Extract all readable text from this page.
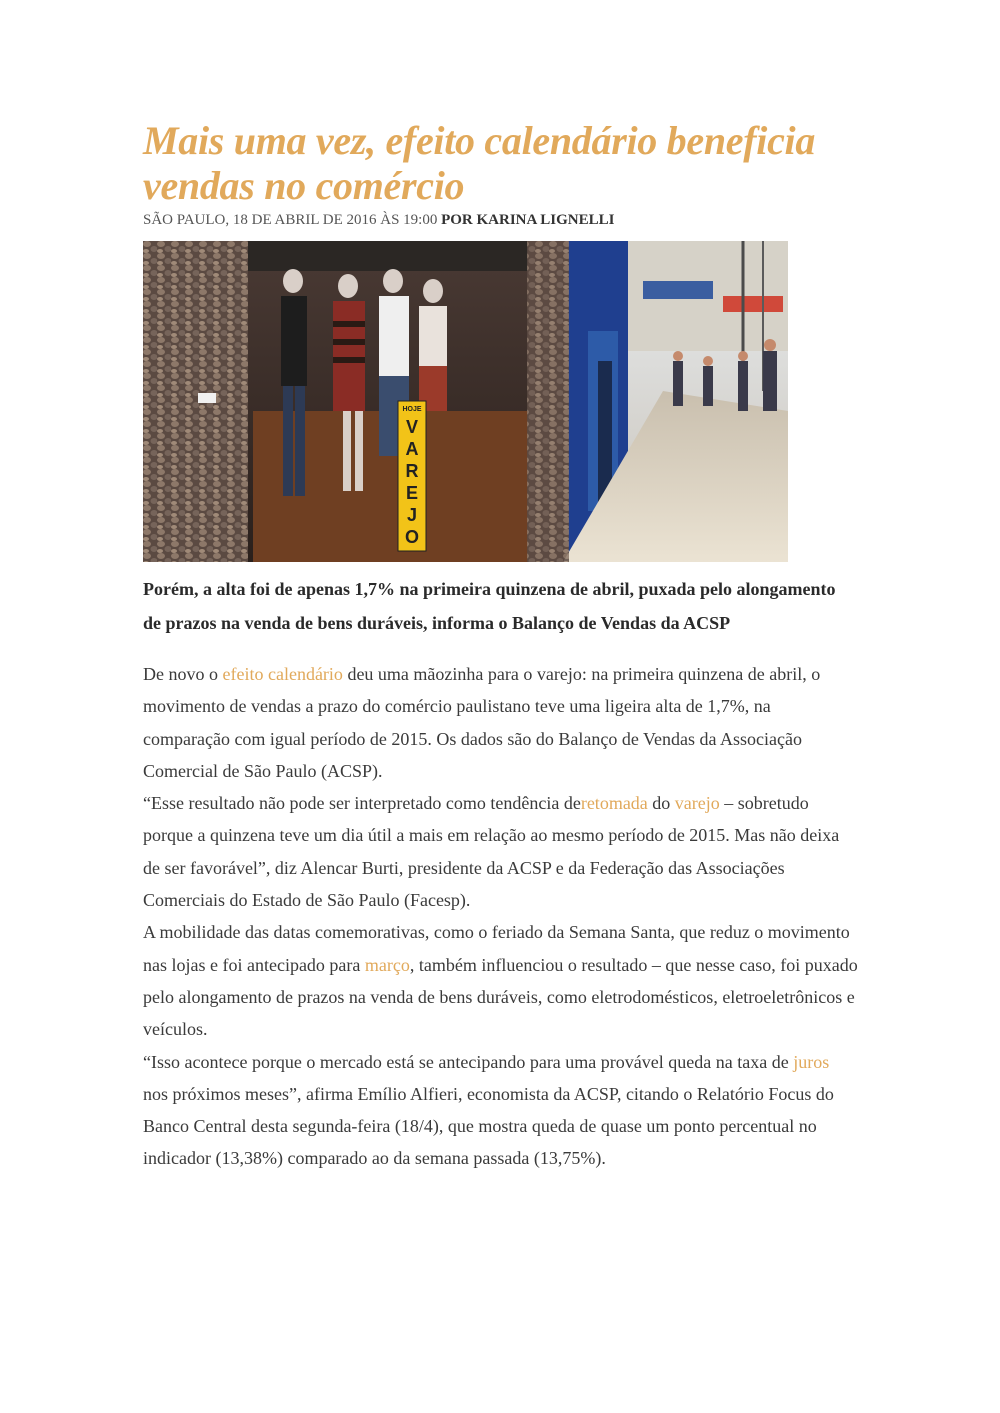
Mais uma vez, efeito calendário beneficia vendas no comércio
SÃO PAULO, 18 DE ABRIL DE 2016 ÀS 19:00 POR KARINA LIGNELLI
HOJE
V
A
R
E
J
O

Porém, a alta foi de apenas 1,7% na primeira quinzena de abril, puxada pelo alongamento de prazos na venda de bens duráveis, informa o Balanço de Vendas da ACSP

De novo o efeito calendário deu uma mãozinha para o varejo: na primeira quinzena de abril, o movimento de vendas a prazo do comércio paulistano teve uma ligeira alta de 1,7%, na comparação com igual período de 2015. Os dados são do Balanço de Vendas da Associação Comercial de São Paulo (ACSP).

“Esse resultado não pode ser interpretado como tendência deretomada do varejo – sobretudo porque a quinzena teve um dia útil a mais em relação ao mesmo período de 2015. Mas não deixa de ser favorável”, diz Alencar Burti, presidente da ACSP e da Federação das Associações Comerciais do Estado de São Paulo (Facesp).

A mobilidade das datas comemorativas, como o feriado da Semana Santa, que reduz o movimento nas lojas e foi antecipado para março, também influenciou o resultado – que nesse caso, foi puxado pelo alongamento de prazos na venda de bens duráveis, como eletrodomésticos, eletroeletrônicos e veículos.

“Isso acontece porque o mercado está se antecipando para uma provável queda na taxa de juros nos próximos meses”, afirma Emílio Alfieri, economista da ACSP, citando o Relatório Focus do Banco Central desta segunda-feira (18/4), que mostra queda de quase um ponto percentual no indicador (13,38%) comparado ao da semana passada (13,75%).
